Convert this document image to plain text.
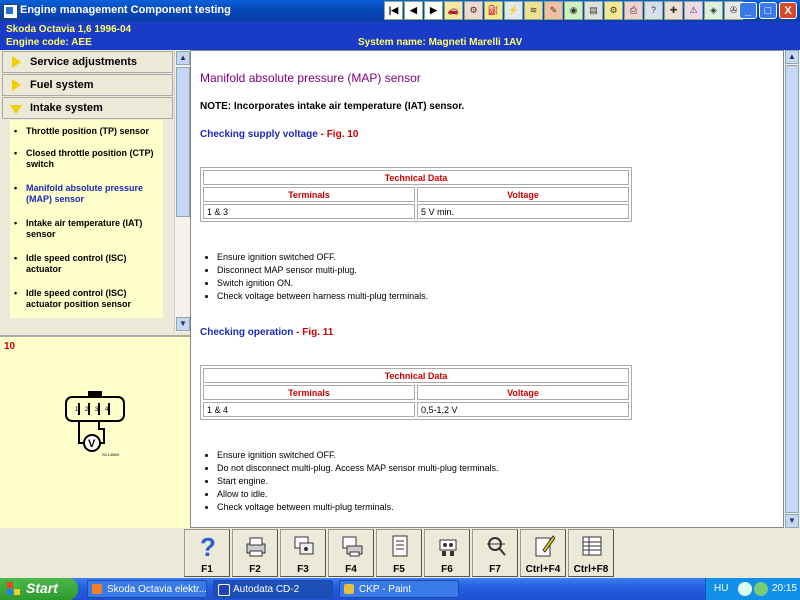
Engine management Component testing	|◀	◀	▶	🚗	⚙	⛽ ⚡	≋	✎	◉	▤	⚙	⎙	?	✚	⚠	◈	✇ _	□	X
Skoda Octavia 1,6 1996-04
Engine code: AEE	System name: Magneti Marelli 1AV
Service adjustments
Fuel system
Intake system
• Throttle position (TP) sensor
• Closed throttle position (CTP) switch
• Manifold absolute pressure (MAP) sensor
• Intake air temperature (IAT) sensor
• Idle speed control (ISC) actuator
• Idle speed control (ISC) actuator position sensor
▲
▼
10
1 2 3 4
V
SC1406H
Manifold absolute pressure (MAP) sensor
NOTE: Incorporates intake air temperature (IAT) sensor.
Checking supply voltage - Fig. 10
Technical Data	
Terminals	Voltage
1 & 3	5 V min.
• Ensure ignition switched OFF.
• Disconnect MAP sensor multi-plug.
• Switch ignition ON.
• Check voltage between harness multi-plug terminals.
Checking operation - Fig. 11
Technical Data	
Terminals	Voltage
1 & 4	0,5-1,2 V
• Ensure ignition switched OFF.
• Do not disconnect multi-plug. Access MAP sensor multi-plug terminals.
• Start engine.
• Allow to idle.
• Check voltage between multi-plug terminals.
▲
▼
?
F1	F2	F3	F4	F5	F6	F7	Ctrl+F4	Ctrl+F8
Start	Skoda Octavia elektr...	Autodata CD-2	CKP - Paint	HU	20:15
